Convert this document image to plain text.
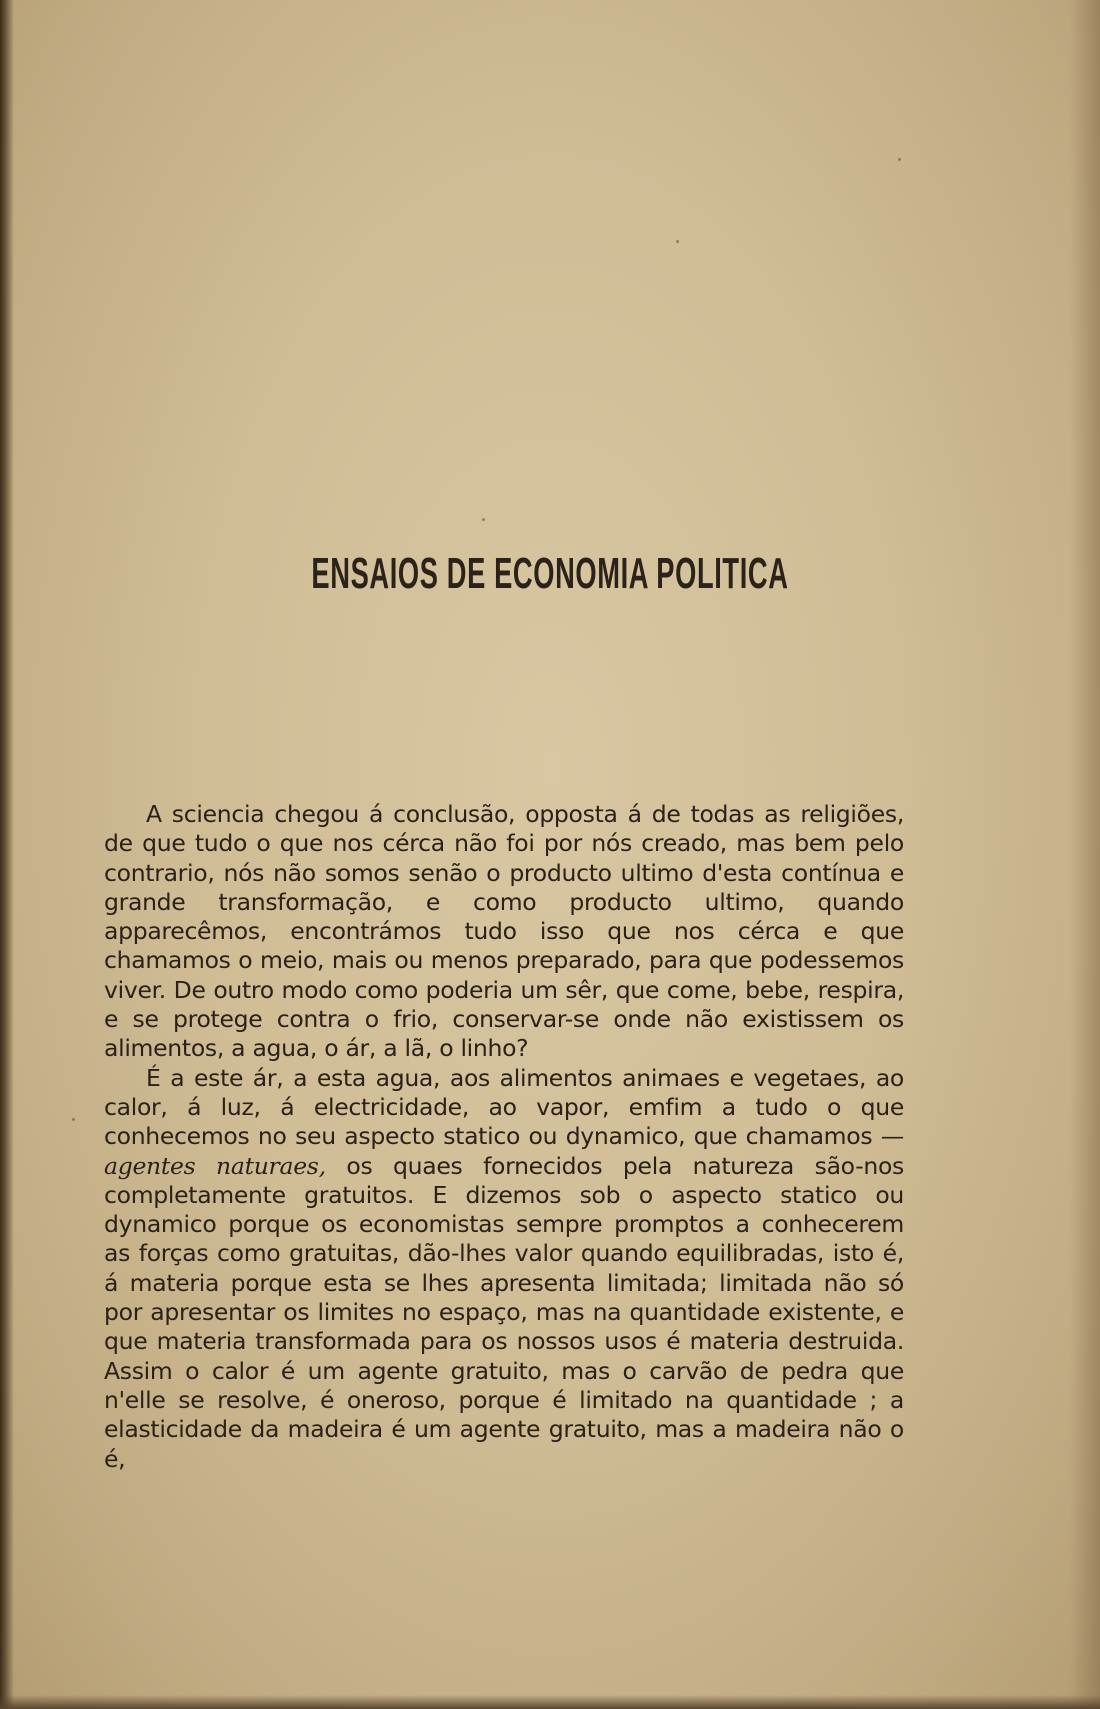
ENSAIOS DE ECONOMIA POLITICA

A sciencia chegou á conclusão, opposta á de todas as religiões, de que tudo o que nos cérca não foi por nós creado, mas bem pelo contrario, nós não somos senão o producto ultimo d'esta contínua e grande transformação, e como producto ultimo, quando apparecêmos, encontrámos tudo isso que nos cérca e que chamamos o meio, mais ou menos preparado, para que podessemos viver. De outro modo como poderia um sêr, que come, bebe, respira, e se protege contra o frio, conservar-se onde não existissem os alimentos, a agua, o ár, a lã, o linho?

É a este ár, a esta agua, aos alimentos animaes e vegetaes, ao calor, á luz, á electricidade, ao vapor, emfim a tudo o que conhecemos no seu aspecto statico ou dynamico, que chamamos — agentes naturaes, os quaes fornecidos pela natureza são-nos completamente gratuitos. E dizemos sob o aspecto statico ou dynamico porque os economistas sempre promptos a conhecerem as forças como gratuitas, dão-lhes valor quando equilibradas, isto é, á materia porque esta se lhes apresenta limitada; limitada não só por apresentar os limites no espaço, mas na quantidade existente, e que materia transformada para os nossos usos é materia destruida. Assim o calor é um agente gratuito, mas o carvão de pedra que n'elle se resolve, é oneroso, porque é limitado na quantidade ; a elasticidade da madeira é um agente gratuito, mas a madeira não o é,
